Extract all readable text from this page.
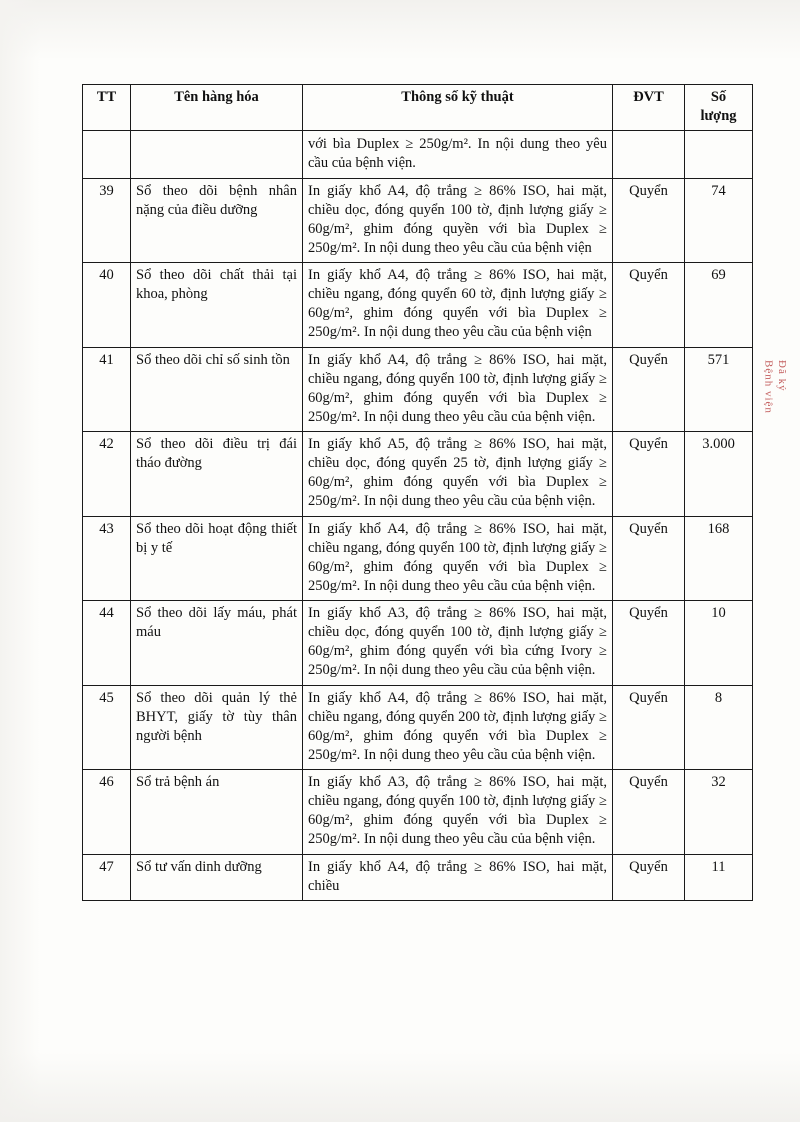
Đã ký
Bệnh viện
TT	Tên hàng hóa	Thông số kỹ thuật	ĐVT	Số
lượng

		với bìa Duplex ≥ 250g/m². In nội dung theo yêu cầu của bệnh viện.		
39	Sổ theo dõi bệnh nhân nặng của điều dưỡng	In giấy khổ A4, độ trắng ≥ 86% ISO, hai mặt, chiều dọc, đóng quyển 100 tờ, định lượng giấy ≥ 60g/m², ghim đóng quyền với bìa Duplex ≥ 250g/m². In nội dung theo yêu cầu của bệnh viện	Quyển	74
40	Sổ theo dõi chất thải tại khoa, phòng	In giấy khổ A4, độ trắng ≥ 86% ISO, hai mặt, chiều ngang, đóng quyển 60 tờ, định lượng giấy ≥ 60g/m², ghim đóng quyển với bìa Duplex ≥ 250g/m². In nội dung theo yêu cầu của bệnh viện	Quyển	69
41	Sổ theo dõi chỉ số sinh tồn	In giấy khổ A4, độ trắng ≥ 86% ISO, hai mặt, chiều ngang, đóng quyển 100 tờ, định lượng giấy ≥ 60g/m², ghim đóng quyển với bìa Duplex ≥ 250g/m². In nội dung theo yêu cầu của bệnh viện.	Quyển	571
42	Sổ theo dõi điều trị đái tháo đường	In giấy khổ A5, độ trắng ≥ 86% ISO, hai mặt, chiều dọc, đóng quyển 25 tờ, định lượng giấy ≥ 60g/m², ghim đóng quyển với bìa Duplex ≥ 250g/m². In nội dung theo yêu cầu của bệnh viện.	Quyển	3.000
43	Sổ theo dõi hoạt động thiết bị y tế	In giấy khổ A4, độ trắng ≥ 86% ISO, hai mặt, chiều ngang, đóng quyển 100 tờ, định lượng giấy ≥ 60g/m², ghim đóng quyển với bìa Duplex ≥ 250g/m². In nội dung theo yêu cầu của bệnh viện.	Quyển	168
44	Sổ theo dõi lấy máu, phát máu	In giấy khổ A3, độ trắng ≥ 86% ISO, hai mặt, chiều dọc, đóng quyển 100 tờ, định lượng giấy ≥ 60g/m², ghim đóng quyển với bìa cứng Ivory ≥ 250g/m². In nội dung theo yêu cầu của bệnh viện.	Quyển	10
45	Sổ theo dõi quản lý thẻ BHYT, giấy tờ tùy thân người bệnh	In giấy khổ A4, độ trắng ≥ 86% ISO, hai mặt, chiều ngang, đóng quyển 200 tờ, định lượng giấy ≥ 60g/m², ghim đóng quyển với bìa Duplex ≥ 250g/m². In nội dung theo yêu cầu của bệnh viện.	Quyển	8
46	Sổ trả bệnh án	In giấy khổ A3, độ trắng ≥ 86% ISO, hai mặt, chiều ngang, đóng quyển 100 tờ, định lượng giấy ≥ 60g/m², ghim đóng quyển với bìa Duplex ≥ 250g/m². In nội dung theo yêu cầu của bệnh viện.	Quyển	32
47	Sổ tư vấn dinh dưỡng	In giấy khổ A4, độ trắng ≥ 86% ISO, hai mặt, chiều	Quyển	11
